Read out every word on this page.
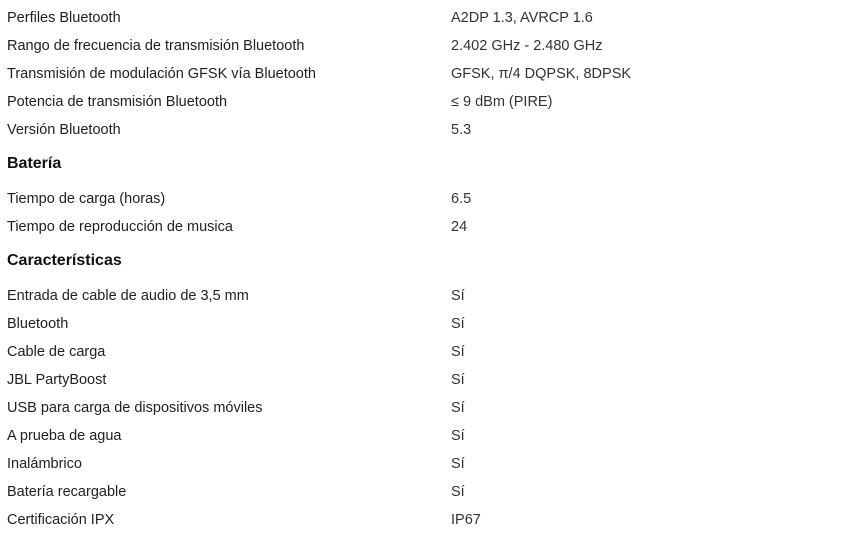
Perfiles Bluetooth	A2DP 1.3, AVRCP 1.6
Rango de frecuencia de transmisión Bluetooth	2.402 GHz - 2.480 GHz
Transmisión de modulación GFSK vía Bluetooth	GFSK, π/4 DQPSK, 8DPSK
Potencia de transmisión Bluetooth	≤ 9 dBm (PIRE)
Versión Bluetooth	5.3
Batería
Tiempo de carga (horas)	6.5
Tiempo de reproducción de musica	24
Características
Entrada de cable de audio de 3,5 mm	Sí
Bluetooth	Sí
Cable de carga	Sí
JBL PartyBoost	Sí
USB para carga de dispositivos móviles	Sí
A prueba de agua	Sí
Inalámbrico	Sí
Batería recargable	Sí
Certificación IPX	IP67
